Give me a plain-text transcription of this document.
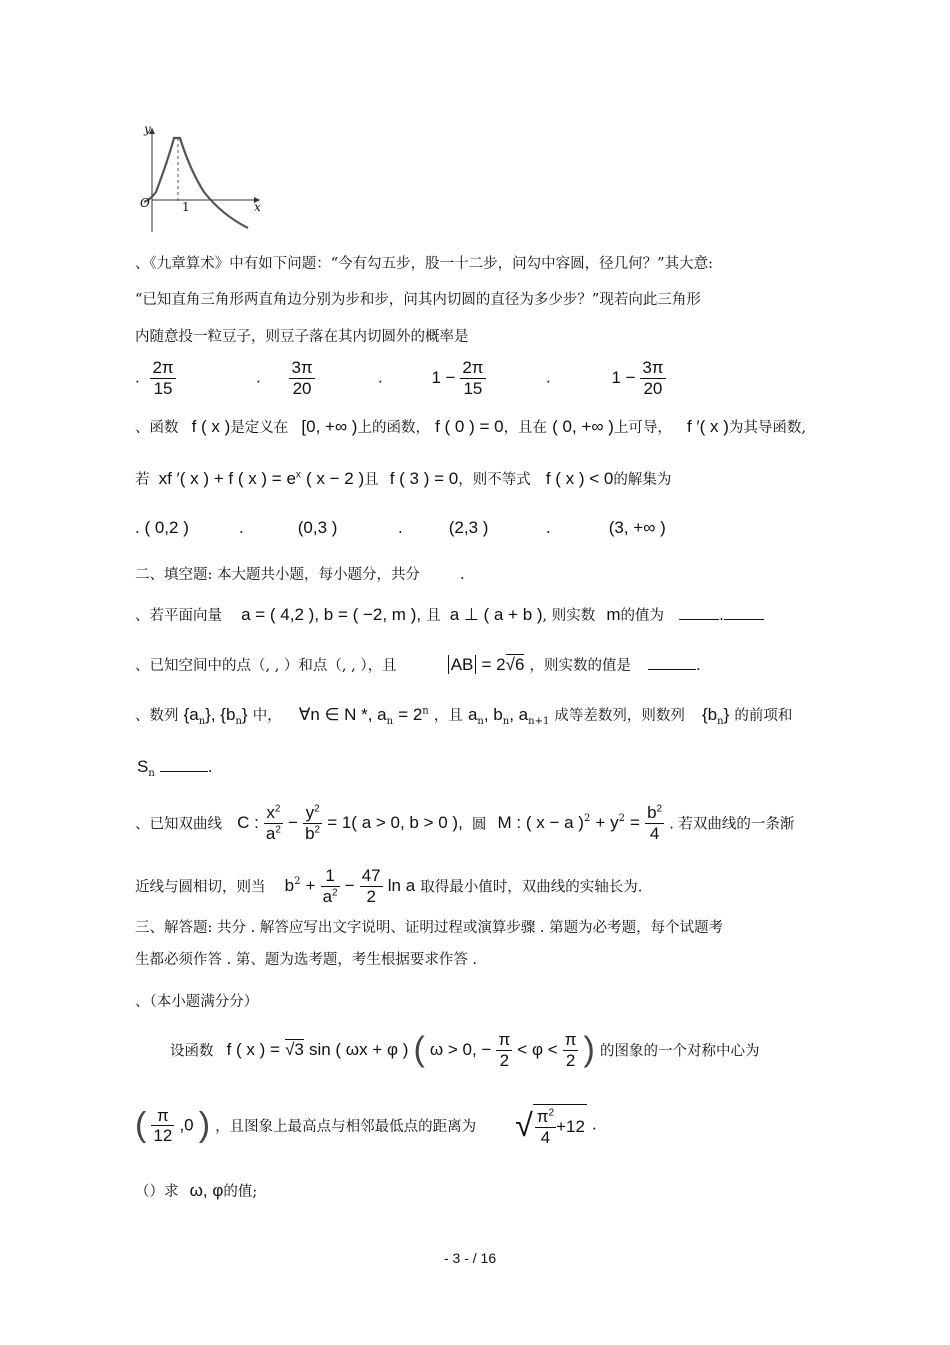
y
x
O	1
、《九章算术》中有如下问题：“今有勾五步，股一十二步，问勾中容圆，径几何？”其大意:
“已知直角三角形两直角边分别为步和步，问其内切圆的直径为多少步？”现若向此三角形
内随意投一粒豆子，则豆子落在其内切圆外的概率是
. $\frac{2\pi}{15}$	. $\frac{3\pi}{20}$	.	$1 - \frac{2\pi}{15}$	.	$1 - \frac{3\pi}{20}$
、函数 f ( x )是定义在 [0, +∞ )上的函数， f ( 0 ) = 0，且在 ( 0, +∞ )上可导， f ′( x )为其导函数,
若 xf ′( x ) + f ( x ) = $e^x$ ( x − 2 )且 f ( 3 ) = 0，则不等式 f ( x ) < 0的解集为
. ( 0,2 )	.	(0,3 )	.	(2,3 )	.	(3, +∞ )
二、填空题: 本大题共小题，每小题分，共分	.
、若平面向量 a = ( 4,2 ), b = ( −2, m ), 且 a ⊥ ( a + b ), 则实数 m的值为	.
、已知空间中的点（, , ）和点（, , ），且	AB = 2√6 ，则实数的值是	.
、数列 $\{a_n\}$, $\{b_n\}$ 中， ∀n ∈ N *, $a_n = 2^n$ ，且 $a_n$, $b_n$, $a_{n+1}$ 成等差数列，则数列 $\{b_n\}$ 的前项和
$S_n$	.
、已知双曲线 C : $\frac{x^2}{a^2} - \frac{y^2}{b^2} = 1$( a > 0, b > 0 ), 圆 M : ( x − a )$^2 + y^2 = \frac{b^2}{4}$ . 若双曲线的一条渐
近线与圆相切，则当 $b^2 + \frac{1}{a^2} - \frac{47}{2}$ ln a 取得最小值时，双曲线的实轴长为.
三、解答题: 共分 . 解答应写出文字说明、证明过程或演算步骤 . 第题为必考题，每个试题考
生都必须作答 . 第、题为选考题，考生根据要求作答 .
、（本小题满分分）
设函数 f ( x ) = √3 sin ( ωx + φ ) ( ω > 0, − $\frac{\pi}{2} < \varphi < \frac{\pi}{2}$ ) 的图象的一个对称中心为
( $\frac{\pi}{12} ,0$ ) ，且图象上最高点与相邻最低点的距离为 √ $\frac{\pi^2}{4} +12$ .
（）求 ω, φ的值;
- 3 - / 16
